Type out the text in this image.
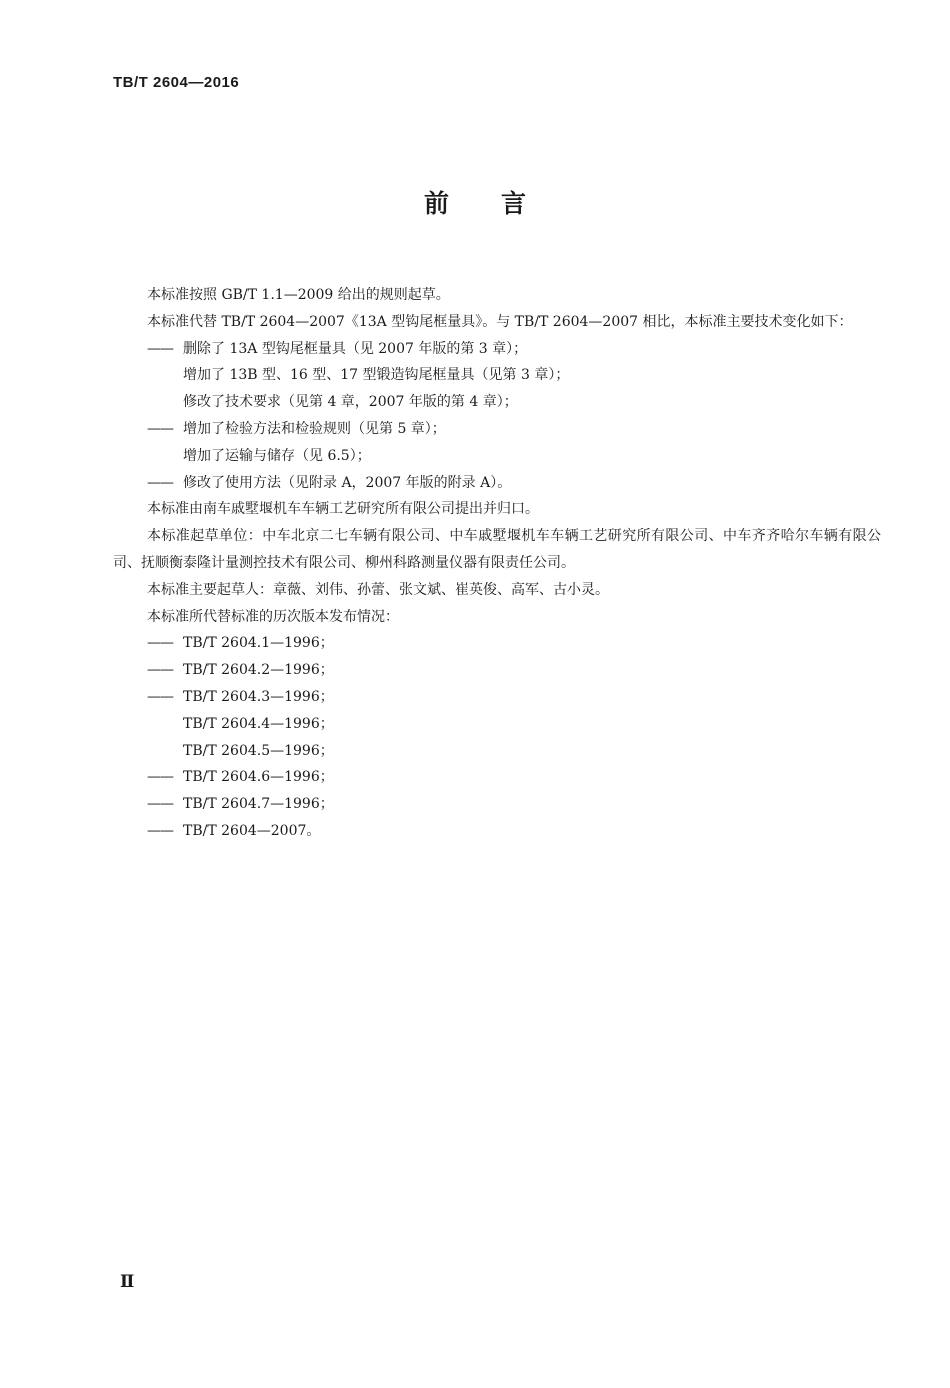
TB/T 2604—2016
前言

本标准按照 GB/T 1.1—2009 给出的规则起草。

本标准代替 TB/T 2604—2007《13A 型钩尾框量具》。与 TB/T 2604—2007 相比，本标准主要技术变化如下：

—— 删除了 13A 型钩尾框量具（见 2007 年版的第 3 章）；
增加了 13B 型、16 型、17 型锻造钩尾框量具（见第 3 章）；
修改了技术要求（见第 4 章，2007 年版的第 4 章）；
—— 增加了检验方法和检验规则（见第 5 章）；
增加了运输与储存（见 6.5）；
—— 修改了使用方法（见附录 A，2007 年版的附录 A）。

本标准由南车戚墅堰机车车辆工艺研究所有限公司提出并归口。

本标准起草单位：中车北京二七车辆有限公司、中车戚墅堰机车车辆工艺研究所有限公司、中车齐齐哈尔车辆有限公司、抚顺衡泰隆计量测控技术有限公司、柳州科路测量仪器有限责任公司。

本标准主要起草人：章薇、刘伟、孙蕾、张文斌、崔英俊、高军、古小灵。

本标准所代替标准的历次版本发布情况：

—— TB/T 2604.1—1996；
—— TB/T 2604.2—1996；
—— TB/T 2604.3—1996；
TB/T 2604.4—1996；
TB/T 2604.5—1996；
—— TB/T 2604.6—1996；
—— TB/T 2604.7—1996；
—— TB/T 2604—2007。
Ⅱ
